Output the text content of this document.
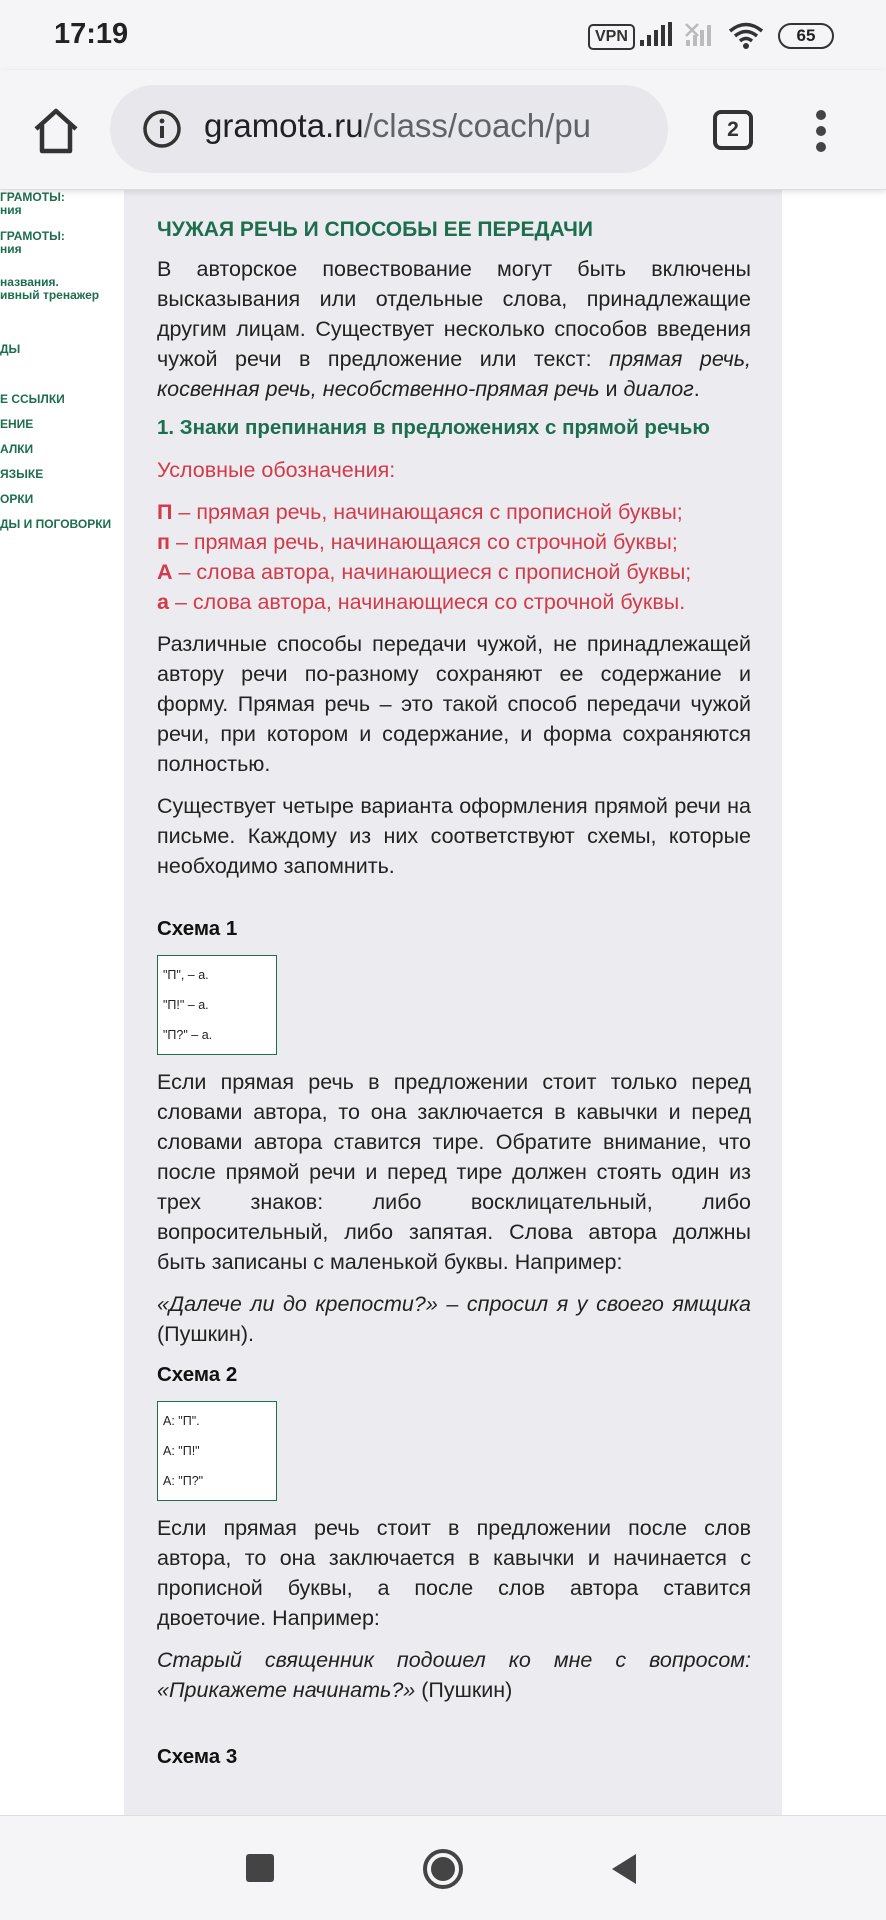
17:19	VPN	65
gramota.ru/class/coach/pu	2
ГРАМОТЫ:
ния
ГРАМОТЫ:
ния
названия.
ивный тренажер
ДЫ
Е ССЫЛКИ
ЕНИЕ
АЛКИ
ЯЗЫКЕ
ОРКИ
ДЫ И ПОГОВОРКИ
ЧУЖАЯ РЕЧЬ И СПОСОБЫ ЕЕ ПЕРЕДАЧИ
В авторское повествование могут быть включены высказывания или отдельные слова, принадлежащие другим лицам. Существует несколько способов введения чужой речи в предложение или текст: прямая речь, косвенная речь, несобственно-прямая речь и диалог.
1. Знаки препинания в предложениях с прямой речью
Условные обозначения:
П – прямая речь, начинающаяся с прописной буквы;
п – прямая речь, начинающаяся со строчной буквы;
А – слова автора, начинающиеся с прописной буквы;
а – слова автора, начинающиеся со строчной буквы.
Различные способы передачи чужой, не принадлежащей автору речи по-разному сохраняют ее содержание и форму. Прямая речь – это такой способ передачи чужой речи, при котором и содержание, и форма сохраняются полностью.
Существует четыре варианта оформления прямой речи на письме. Каждому из них соответствуют схемы, которые необходимо запомнить.
Схема 1
"П", – а.
"П!" – а.
"П?" – а.
Если прямая речь в предложении стоит только перед словами автора, то она заключается в кавычки и перед словами автора ставится тире. Обратите внимание, что после прямой речи и перед тире должен стоять один из трех знаков: либо восклицательный, либо вопросительный, либо запятая. Слова автора должны быть записаны с маленькой буквы. Например:
«Далече ли до крепости?» – спросил я у своего ямщика (Пушкин).
Схема 2
А: "П".
А: "П!"
А: "П?"
Если прямая речь стоит в предложении после слов автора, то она заключается в кавычки и начинается с прописной буквы, а после слов автора ставится двоеточие. Например:
Старый священник подошел ко мне с вопросом: «Прикажете начинать?» (Пушкин)
Схема 3
